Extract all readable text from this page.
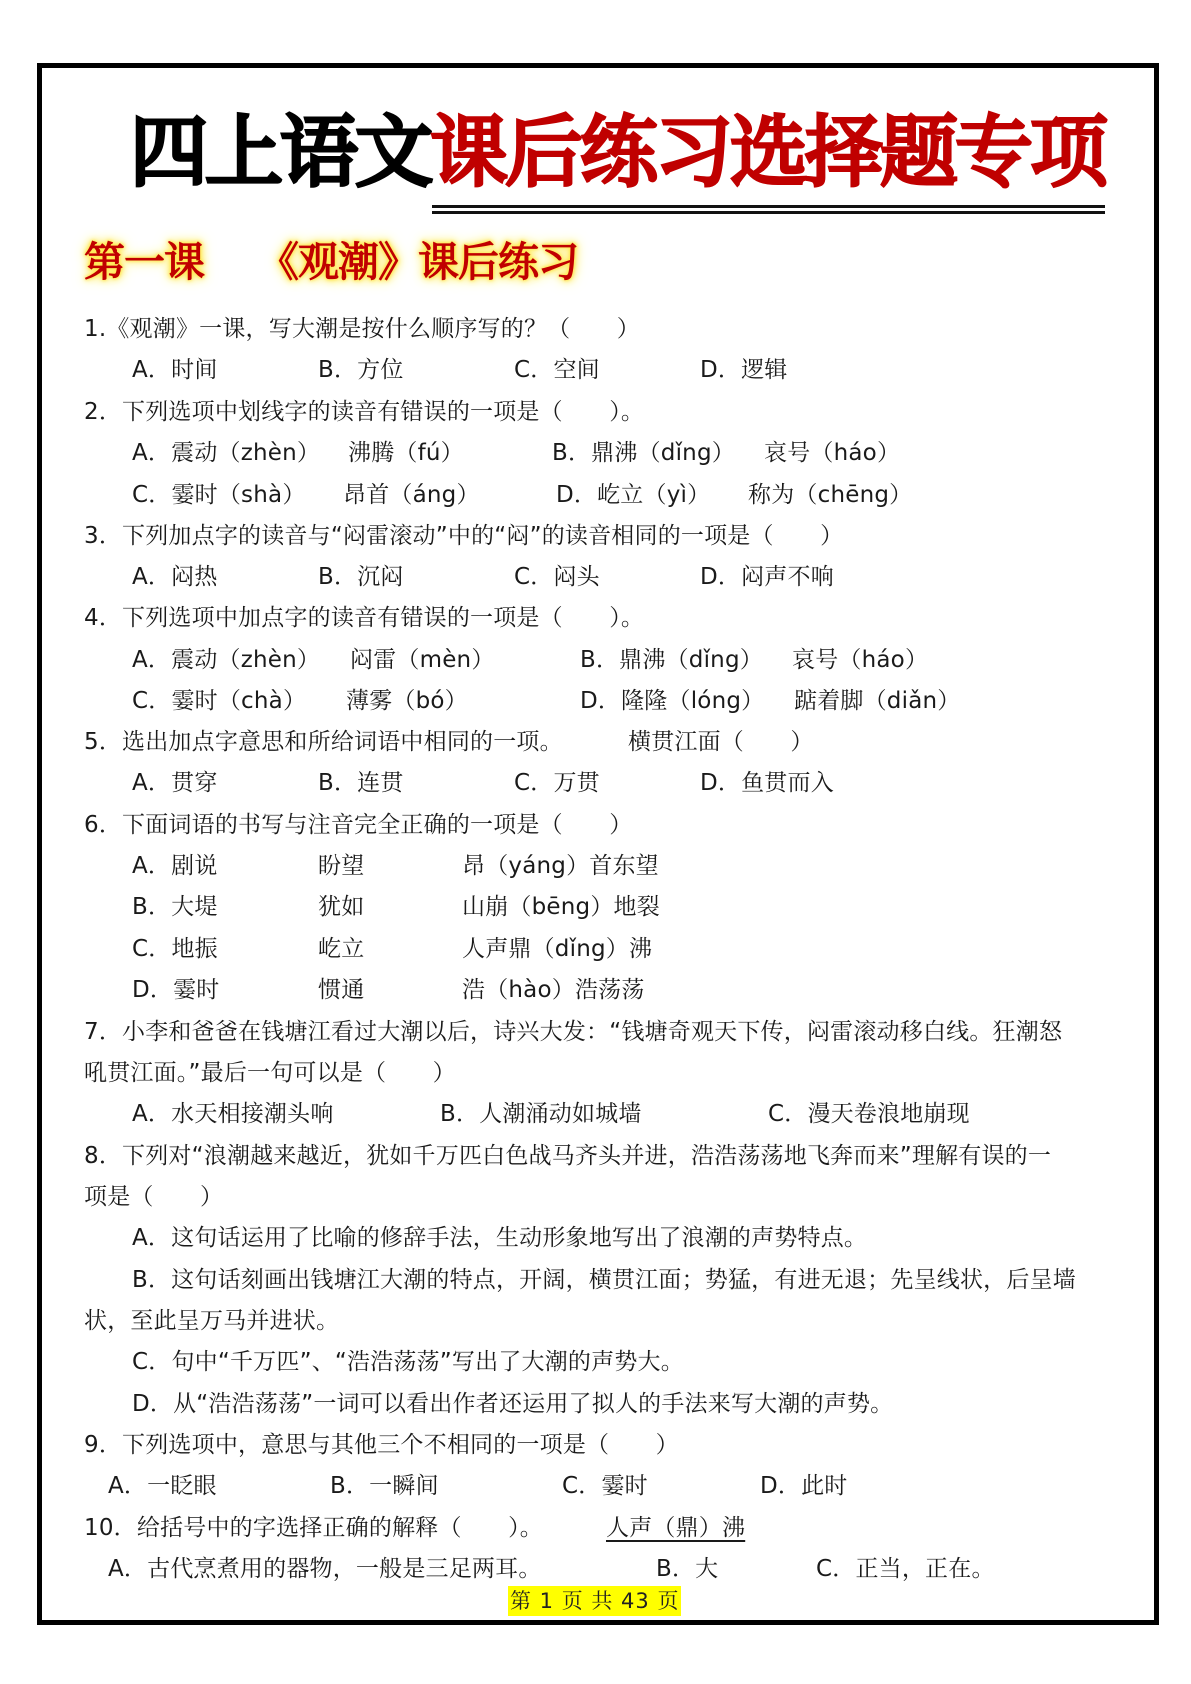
四上语文课后练习选择题专项
第一课 《观潮》课后练习
1.《观潮》一课，写大潮是按什么顺序写的？（　　）
A．时间	B．方位	C．空间	D．逻辑
2．下列选项中划线字的读音有错误的一项是（　　）。
A．震动（zhèn） 沸腾（fú）	B．鼎沸（dǐng） 哀号（háo）
C．霎时（shà） 昂首（áng）	D．屹立（yì） 称为（chēng）
3．下列加点字的读音与“闷雷滚动”中的“闷”的读音相同的一项是（　　）
A．闷热	B．沉闷	C．闷头	D．闷声不响
4．下列选项中加点字的读音有错误的一项是（　　）。
A．震动（zhèn） 闷雷（mèn）	B．鼎沸（dǐng） 哀号（háo）
C．霎时（chà） 薄雾（bó）	D．隆隆（lóng） 踮着脚（diǎn）
5．选出加点字意思和所给词语中相同的一项。	横贯江面（　　）
A．贯穿	B．连贯	C．万贯	D．鱼贯而入
6．下面词语的书写与注音完全正确的一项是（　　）
A．剧说	盼望	昂（yáng）首东望
B．大堤	犹如	山崩（bēng）地裂
C．地振	屹立	人声鼎（dǐng）沸
D．霎时	惯通	浩（hào）浩荡荡
7．小李和爸爸在钱塘江看过大潮以后，诗兴大发：“钱塘奇观天下传，闷雷滚动移白线。狂潮怒
吼贯江面。”最后一句可以是（　　）
A．水天相接潮头响	B．人潮涌动如城墙	C．漫天卷浪地崩现
8．下列对“浪潮越来越近，犹如千万匹白色战马齐头并进，浩浩荡荡地飞奔而来”理解有误的一
项是（　　）
A．这句话运用了比喻的修辞手法，生动形象地写出了浪潮的声势特点。
B．这句话刻画出钱塘江大潮的特点，开阔，横贯江面；势猛，有进无退；先呈线状，后呈墙
状，至此呈万马并进状。
C．句中“千万匹”、“浩浩荡荡”写出了大潮的声势大。
D．从“浩浩荡荡”一词可以看出作者还运用了拟人的手法来写大潮的声势。
9．下列选项中，意思与其他三个不相同的一项是（　　）
A．一眨眼	B．一瞬间	C．霎时	D．此时
10．给括号中的字选择正确的解释（　　）。	人声（鼎）沸
A．古代烹煮用的器物，一般是三足两耳。	B．大	C．正当，正在。
第 1 页 共 43 页
